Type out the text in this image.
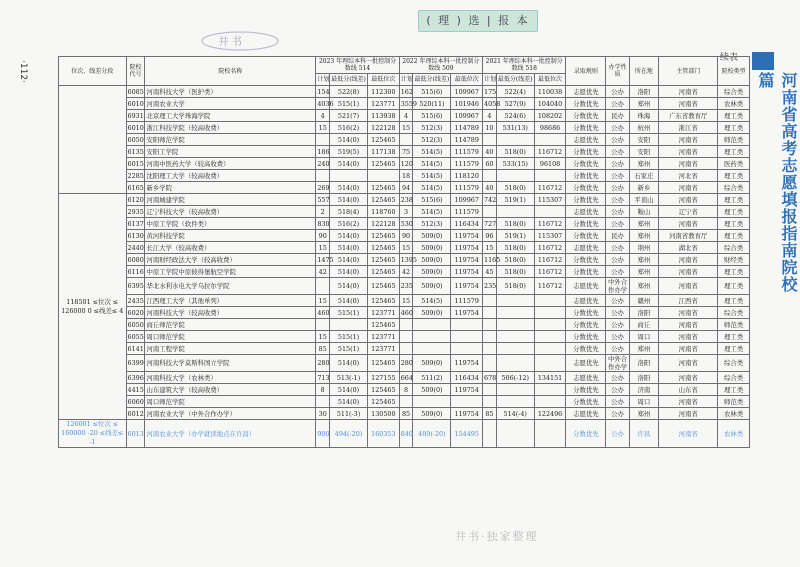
井书
( 理 ) 选 | 报 本
·112·
续表
河南省高考志愿填报指南院校篇
位次、线差分段	院校代号	院校名称	2023 年理综本科一批控制分数线 514			2022 年理综本科一批控制分数线 509			2021 年理综本科一批控制分数线 518			录取规则	办学性质	所在地	主管部门	院校类型
			计划	最低分(线差)	最低位次	计划	最低分(线差)	最低位次	计划	最低分(线差)	最低位次					
	6085	河南科技大学（医护类）	154	522(8)	112300	162	515(6)	109967	175	522(4)	110038	志愿优先	公办	洛阳	河南省	综合类
	6010	河南农业大学	4036	515(1)	123771	3559	520(11)	101946	4058	527(9)	104040	分数优先	公办	郑州	河南省	农林类
	6931	北京理工大学珠海学院	4	521(7)	113938	4	515(6)	109967	4	524(6)	108202	分数优先	民办	珠海	广东省教育厅	理工类
	6010	浙江科技学院（较高收费）	15	516(2)	122128	15	512(3)	114789	10	531(13)	98686	分数优先	公办	杭州	浙江省	理工类
	6050	安阳师范学院		514(0)	125465		512(3)	114789				志愿优先	公办	安阳	河南省	师范类
	6135	安阳工学院	186	519(5)	117138	75	514(5)	111579	40	518(0)	116712	分数优先	公办	安阳	河南省	理工类
	6015	河南中医药大学（较高收费）	240	514(0)	125465	120	514(5)	111579	60	533(15)	96108	分数优先	公办	郑州	河南省	医药类
	2285	沈阳理工大学（较高收费）				18	514(5)	118120				分数优先	公办	石家庄	河北省	理工类
	6165	新乡学院	269	514(0)	125465	94	514(5)	111579	40	518(0)	116712	分数优先	公办	新乡	河南省	综合类
118501 ≤位次 ≤ 126000 0 ≤线差≤ 4	6120	河南城建学院	557	514(0)	125465	238	515(6)	109967	742	519(1)	115307	分数优先	公办	平顶山	河南省	理工类
	2935	辽宁科技大学（较高收费）	2	518(4)	118760	3	514(5)	111579				志愿优先	公办	鞍山	辽宁省	理工类
	6137	中原工学院（软件类）	830	516(2)	122128	530	512(3)	116434	727	518(0)	116712	分数优先	公办	郑州	河南省	理工类
	6130	黄河科技学院	90	514(0)	125465	90	509(0)	119754	96	519(1)	115307	分数优先	民办	郑州	河南省教育厅	理工类
	2440	长江大学（较高收费）	15	514(0)	125465	15	509(0)	119754	15	518(0)	116712	志愿优先	公办	荆州	湖北省	综合类
	6080	河南财经政法大学（较高收费）	1475	514(0)	125465	1395	509(0)	119754	1165	518(0)	116712	分数优先	公办	郑州	河南省	财经类
	6116	中原工学院中原彼得堡航空学院	42	514(0)	125465	42	509(0)	119754	45	518(0)	116712	分数优先	公办	郑州	河南省	理工类
	6395	华北水利水电大学乌拉尔学院		514(0)	125465	235	509(0)	119754	235	518(0)	116712	志愿优先	中外合作办学	郑州	河南省	理工类
	2435	江西理工大学（其他单列）	15	514(0)	125465	15	514(5)	111579				志愿优先	公办	赣州	江西省	理工类
	6020	河南科技大学（较高收费）	460	515(1)	123771	460	509(0)	119754				分数优先	公办	洛阳	河南省	综合类
	6050	商丘师范学院			125465							分数优先	公办	商丘	河南省	师范类
	6055	周口师范学院	15	515(1)	123771							分数优先	公办	周口	河南省	理工类
	6141	河南工程学院	85	515(1)	123771							分数优先	公办	郑州	河南省	理工类
	6399	河南科技大学莫斯科国立学院	280	514(0)	125465	280	509(0)	119754				志愿优先	中外合作办学	洛阳	河南省	综合类
	6396	河南科技大学（农林类）	713	513(-1)	127155	664	511(2)	116434	678	506(-12)	134151	志愿优先	公办	洛阳	河南省	综合类
	4415	山东建筑大学（较高收费）	8	514(0)	125465	8	509(0)	119754				分数优先	公办	济南	山东省	理工类
	6060	周口师范学院		514(0)	125465							分数优先	公办	周口	河南省	师范类
	6012	河南农业大学（中外合作办学）	30	511(-3)	130500	85	509(0)	119754	85	514(-4)	122496	志愿优先	公办	郑州	河南省	农林类
126001 ≤位次 ≤ 160000 -20 ≤线差≤ -1	6013	河南农业大学（办学就读地点在许昌）	900	494(-20)	160353	840	489(-20)	154495				分数优先	公办	许昌	河南省	农林类
井书·独家整理
